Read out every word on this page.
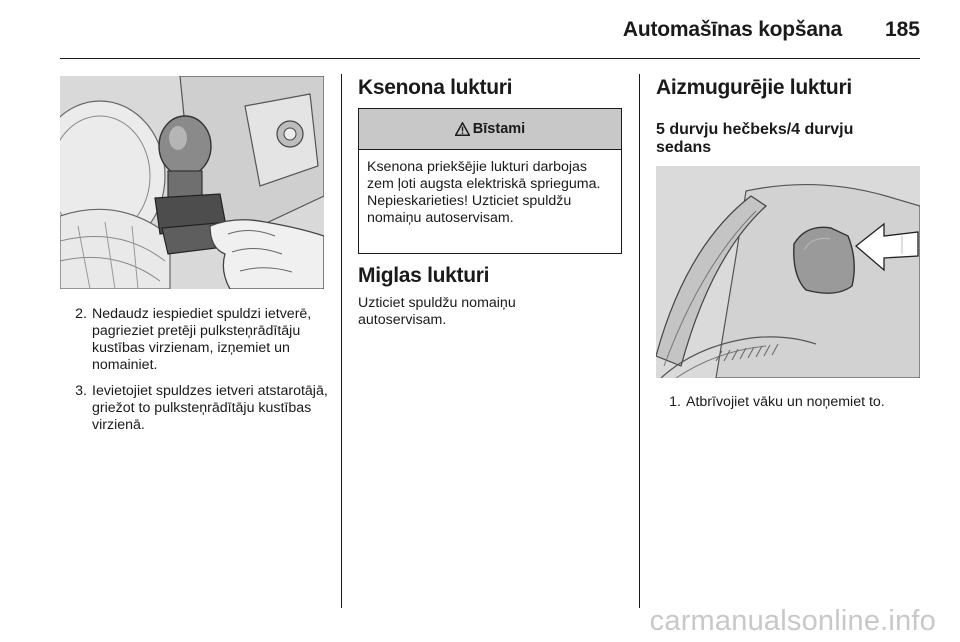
Automašīnas kopšana 185
2. Nedaudz iespiediet spuldzi ietverē, pagrieziet pretēji pulksteņrādītāju kustības virzienam, izņemiet un nomainiet.
3. Ievietojiet spuldzes ietveri atstarotājā, griežot to pulksteņrādītāju kustības virzienā.
Ksenona lukturi
Bīstami
Ksenona priekšējie lukturi darbojas zem ļoti augsta elektriskā sprieguma. Nepieskarieties! Uzticiet spuldžu nomaiņu autoservisam.
Miglas lukturi
Uzticiet spuldžu nomaiņu autoservisam.
Aizmugurējie lukturi
5 durvju hečbeks/4 durvju sedans
1. Atbrīvojiet vāku un noņemiet to.
carmanualsonline.info
